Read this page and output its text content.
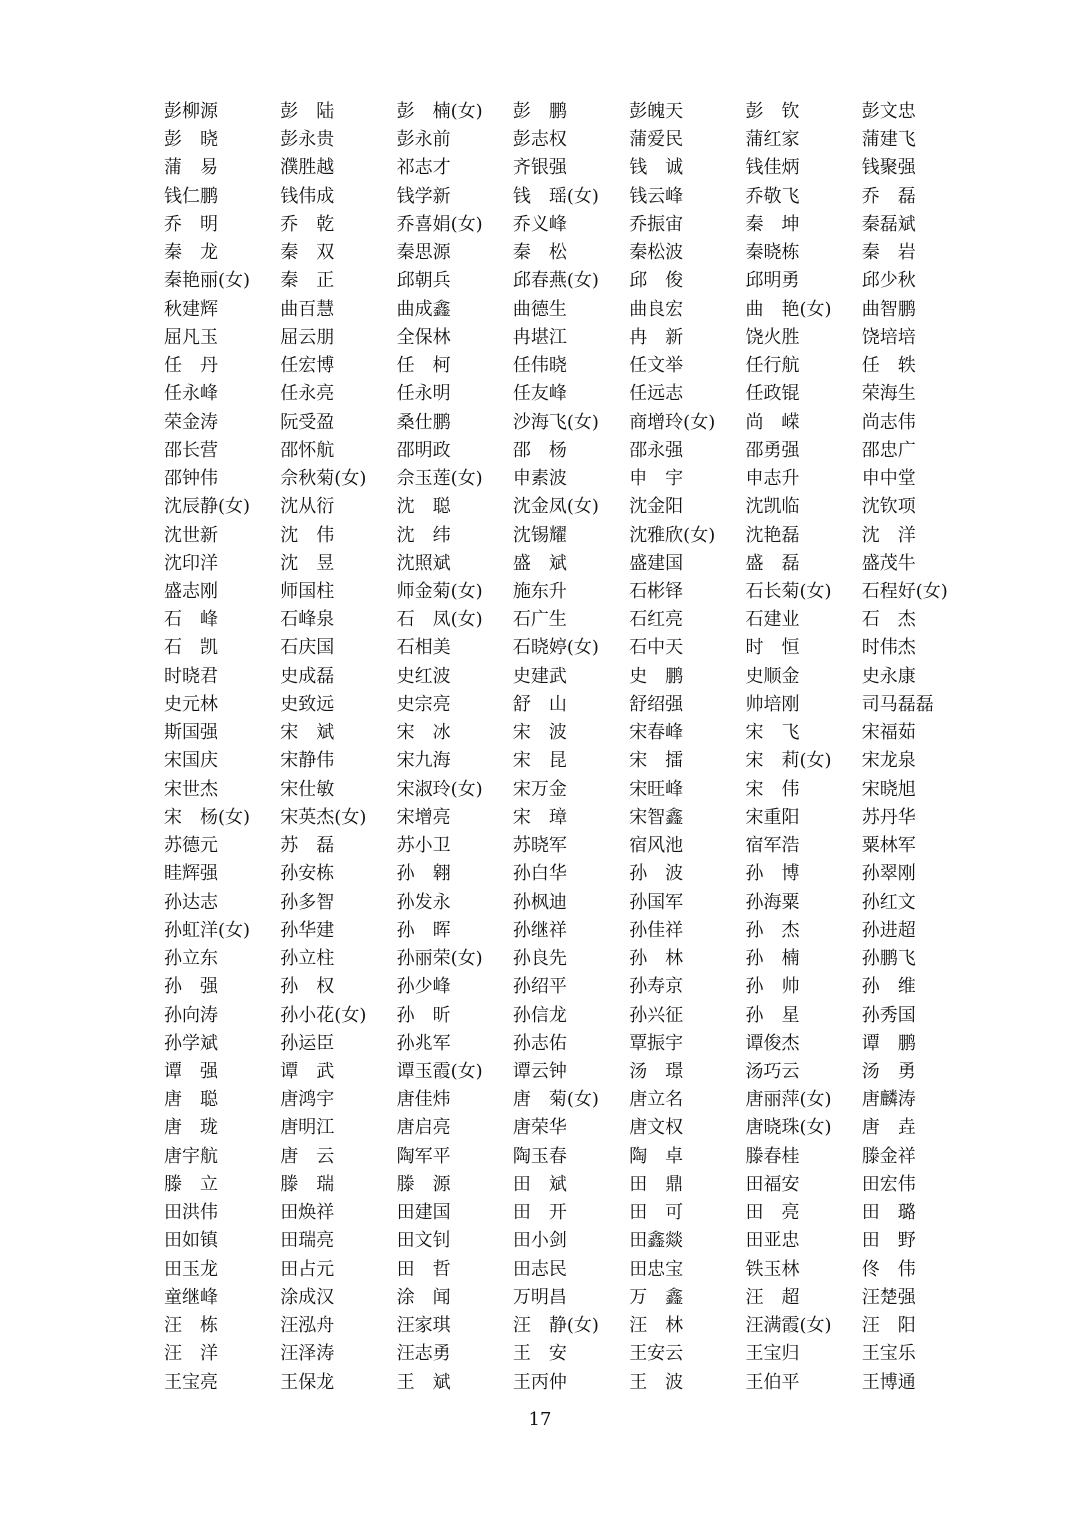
彭柳源	彭　陆	彭　楠(女)	彭　鹏	彭魄天	彭　钦	彭文忠
彭　晓	彭永贵	彭永前	彭志权	蒲爱民	蒲红家	蒲建飞
蒲　易	濮胜越	祁志才	齐银强	钱　诚	钱佳炳	钱聚强
钱仁鹏	钱伟成	钱学新	钱　瑶(女)	钱云峰	乔敬飞	乔　磊
乔　明	乔　乾	乔喜娟(女)	乔义峰	乔振宙	秦　坤	秦磊斌
秦　龙	秦　双	秦思源	秦　松	秦松波	秦晓栋	秦　岩
秦艳丽(女)	秦　正	邱朝兵	邱春燕(女)	邱　俊	邱明勇	邱少秋
秋建辉	曲百慧	曲成鑫	曲德生	曲良宏	曲　艳(女)	曲智鹏
屈凡玉	屈云朋	全保林	冉堪江	冉　新	饶火胜	饶培培
任　丹	任宏博	任　柯	任伟晓	任文举	任行航	任　轶
任永峰	任永亮	任永明	任友峰	任远志	任政锟	荣海生
荣金涛	阮受盈	桑仕鹏	沙海飞(女)	商增玲(女)	尚　嵘	尚志伟
邵长营	邵怀航	邵明政	邵　杨	邵永强	邵勇强	邵忠广
邵钟伟	佘秋菊(女)	佘玉莲(女)	申素波	申　宇	申志升	申中堂
沈辰静(女)	沈从衍	沈　聪	沈金凤(女)	沈金阳	沈凯临	沈钦项
沈世新	沈　伟	沈　纬	沈锡耀	沈雅欣(女)	沈艳磊	沈　洋
沈印洋	沈　昱	沈照斌	盛　斌	盛建国	盛　磊	盛茂牛
盛志刚	师国柱	师金菊(女)	施东升	石彬铎	石长菊(女)	石程好(女)
石　峰	石峰泉	石　凤(女)	石广生	石红亮	石建业	石　杰
石　凯	石庆国	石相美	石晓婷(女)	石中天	时　恒	时伟杰
时晓君	史成磊	史红波	史建武	史　鹏	史顺金	史永康
史元林	史致远	史宗亮	舒　山	舒绍强	帅培刚	司马磊磊
斯国强	宋　斌	宋　冰	宋　波	宋春峰	宋　飞	宋福茹
宋国庆	宋静伟	宋九海	宋　昆	宋　擂	宋　莉(女)	宋龙泉
宋世杰	宋仕敏	宋淑玲(女)	宋万金	宋旺峰	宋　伟	宋晓旭
宋　杨(女)	宋英杰(女)	宋增亮	宋　璋	宋智鑫	宋重阳	苏丹华
苏德元	苏　磊	苏小卫	苏晓军	宿风池	宿军浩	粟林军
眭辉强	孙安栋	孙　翱	孙白华	孙　波	孙　博	孙翠刚
孙达志	孙多智	孙发永	孙枫迪	孙国军	孙海粟	孙红文
孙虹洋(女)	孙华建	孙　晖	孙继祥	孙佳祥	孙　杰	孙进超
孙立东	孙立柱	孙丽荣(女)	孙良先	孙　林	孙　楠	孙鹏飞
孙　强	孙　权	孙少峰	孙绍平	孙寿京	孙　帅	孙　维
孙向涛	孙小花(女)	孙　昕	孙信龙	孙兴征	孙　星	孙秀国
孙学斌	孙运臣	孙兆军	孙志佑	覃振宇	谭俊杰	谭　鹏
谭　强	谭　武	谭玉霞(女)	谭云钟	汤　璟	汤巧云	汤　勇
唐　聪	唐鸿宇	唐佳炜	唐　菊(女)	唐立名	唐丽萍(女)	唐麟涛
唐　珑	唐明江	唐启亮	唐荣华	唐文权	唐晓珠(女)	唐　垚
唐宇航	唐　云	陶军平	陶玉春	陶　卓	滕春桂	滕金祥
滕　立	滕　瑞	滕　源	田　斌	田　鼎	田福安	田宏伟
田洪伟	田焕祥	田建国	田　开	田　可	田　亮	田　璐
田如镇	田瑞亮	田文钊	田小剑	田鑫燚	田亚忠	田　野
田玉龙	田占元	田　哲	田志民	田忠宝	铁玉林	佟　伟
童继峰	涂成汉	涂　闻	万明昌	万　鑫	汪　超	汪楚强
汪　栋	汪泓舟	汪家琪	汪　静(女)	汪　林	汪满霞(女)	汪　阳
汪　洋	汪泽涛	汪志勇	王　安	王安云	王宝归	王宝乐
王宝亮	王保龙	王　斌	王丙仲	王　波	王伯平	王博通
17
